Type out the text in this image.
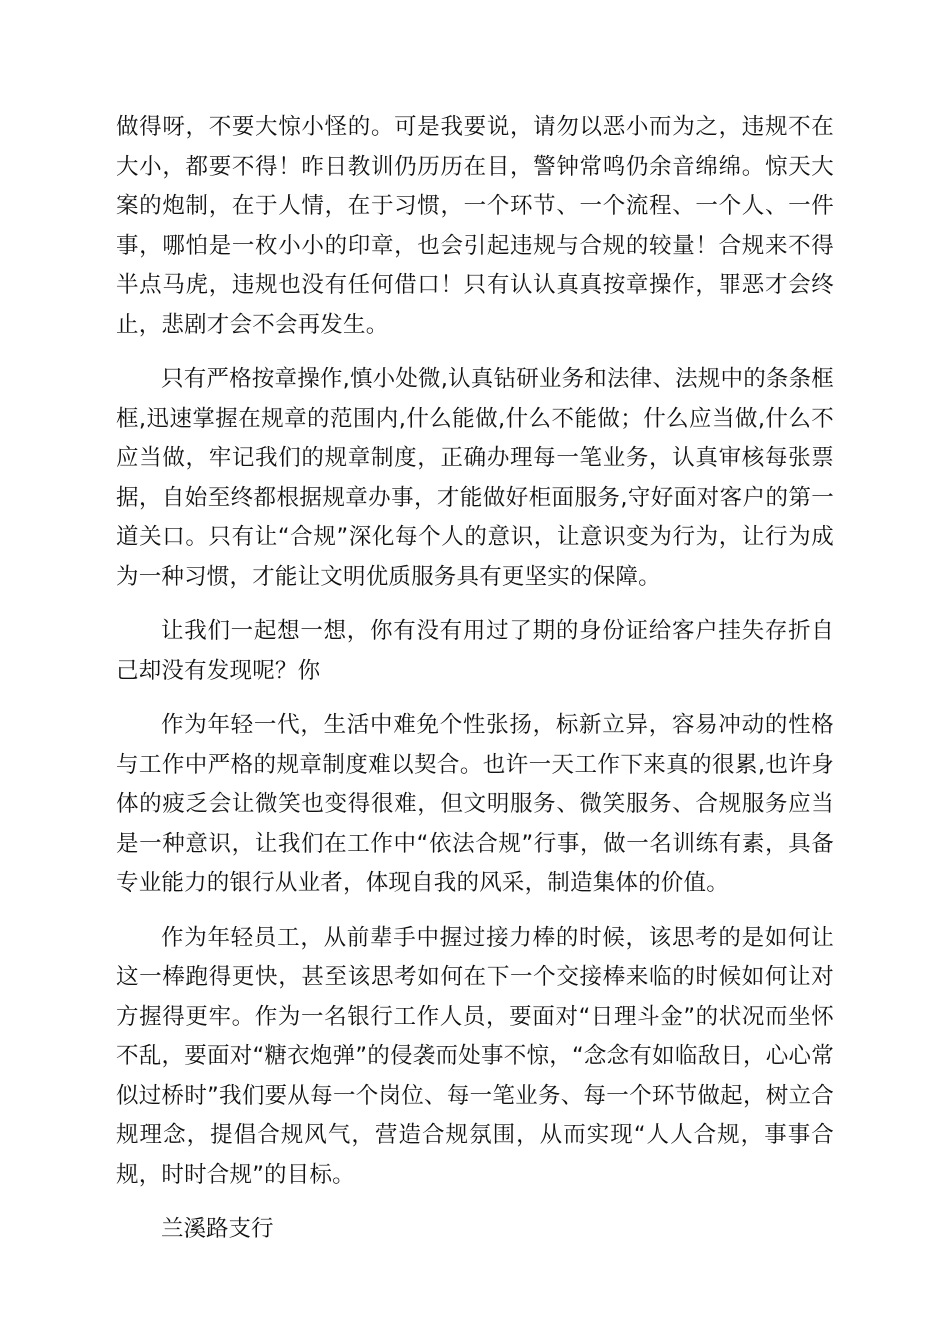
做得呀，不要大惊小怪的。可是我要说，请勿以恶小而为之，违规不在大小，都要不得！昨日教训仍历历在目，警钟常鸣仍余音绵绵。惊天大案的炮制，在于人情，在于习惯，一个环节、一个流程、一个人、一件事，哪怕是一枚小小的印章，也会引起违规与合规的较量！合规来不得半点马虎，违规也没有任何借口！只有认认真真按章操作，罪恶才会终止，悲剧才会不会再发生。

只有严格按章操作,慎小处微,认真钻研业务和法律、法规中的条条框框,迅速掌握在规章的范围内,什么能做,什么不能做；什么应当做,什么不应当做，牢记我们的规章制度，正确办理每一笔业务，认真审核每张票据，自始至终都根据规章办事，才能做好柜面服务,守好面对客户的第一道关口。只有让“合规”深化每个人的意识，让意识变为行为，让行为成为一种习惯，才能让文明优质服务具有更坚实的保障。

让我们一起想一想，你有没有用过了期的身份证给客户挂失存折自己却没有发现呢？你

作为年轻一代，生活中难免个性张扬，标新立异，容易冲动的性格与工作中严格的规章制度难以契合。也许一天工作下来真的很累,也许身体的疲乏会让微笑也变得很难，但文明服务、微笑服务、合规服务应当是一种意识，让我们在工作中“依法合规”行事，做一名训练有素，具备专业能力的银行从业者，体现自我的风采，制造集体的价值。

作为年轻员工，从前辈手中握过接力棒的时候，该思考的是如何让这一棒跑得更快，甚至该思考如何在下一个交接棒来临的时候如何让对方握得更牢。作为一名银行工作人员，要面对“日理斗金”的状况而坐怀不乱，要面对“糖衣炮弹”的侵袭而处事不惊，“念念有如临敌日，心心常似过桥时”我们要从每一个岗位、每一笔业务、每一个环节做起，树立合规理念，提倡合规风气，营造合规氛围，从而实现“人人合规，事事合规，时时合规”的目标。

兰溪路支行
